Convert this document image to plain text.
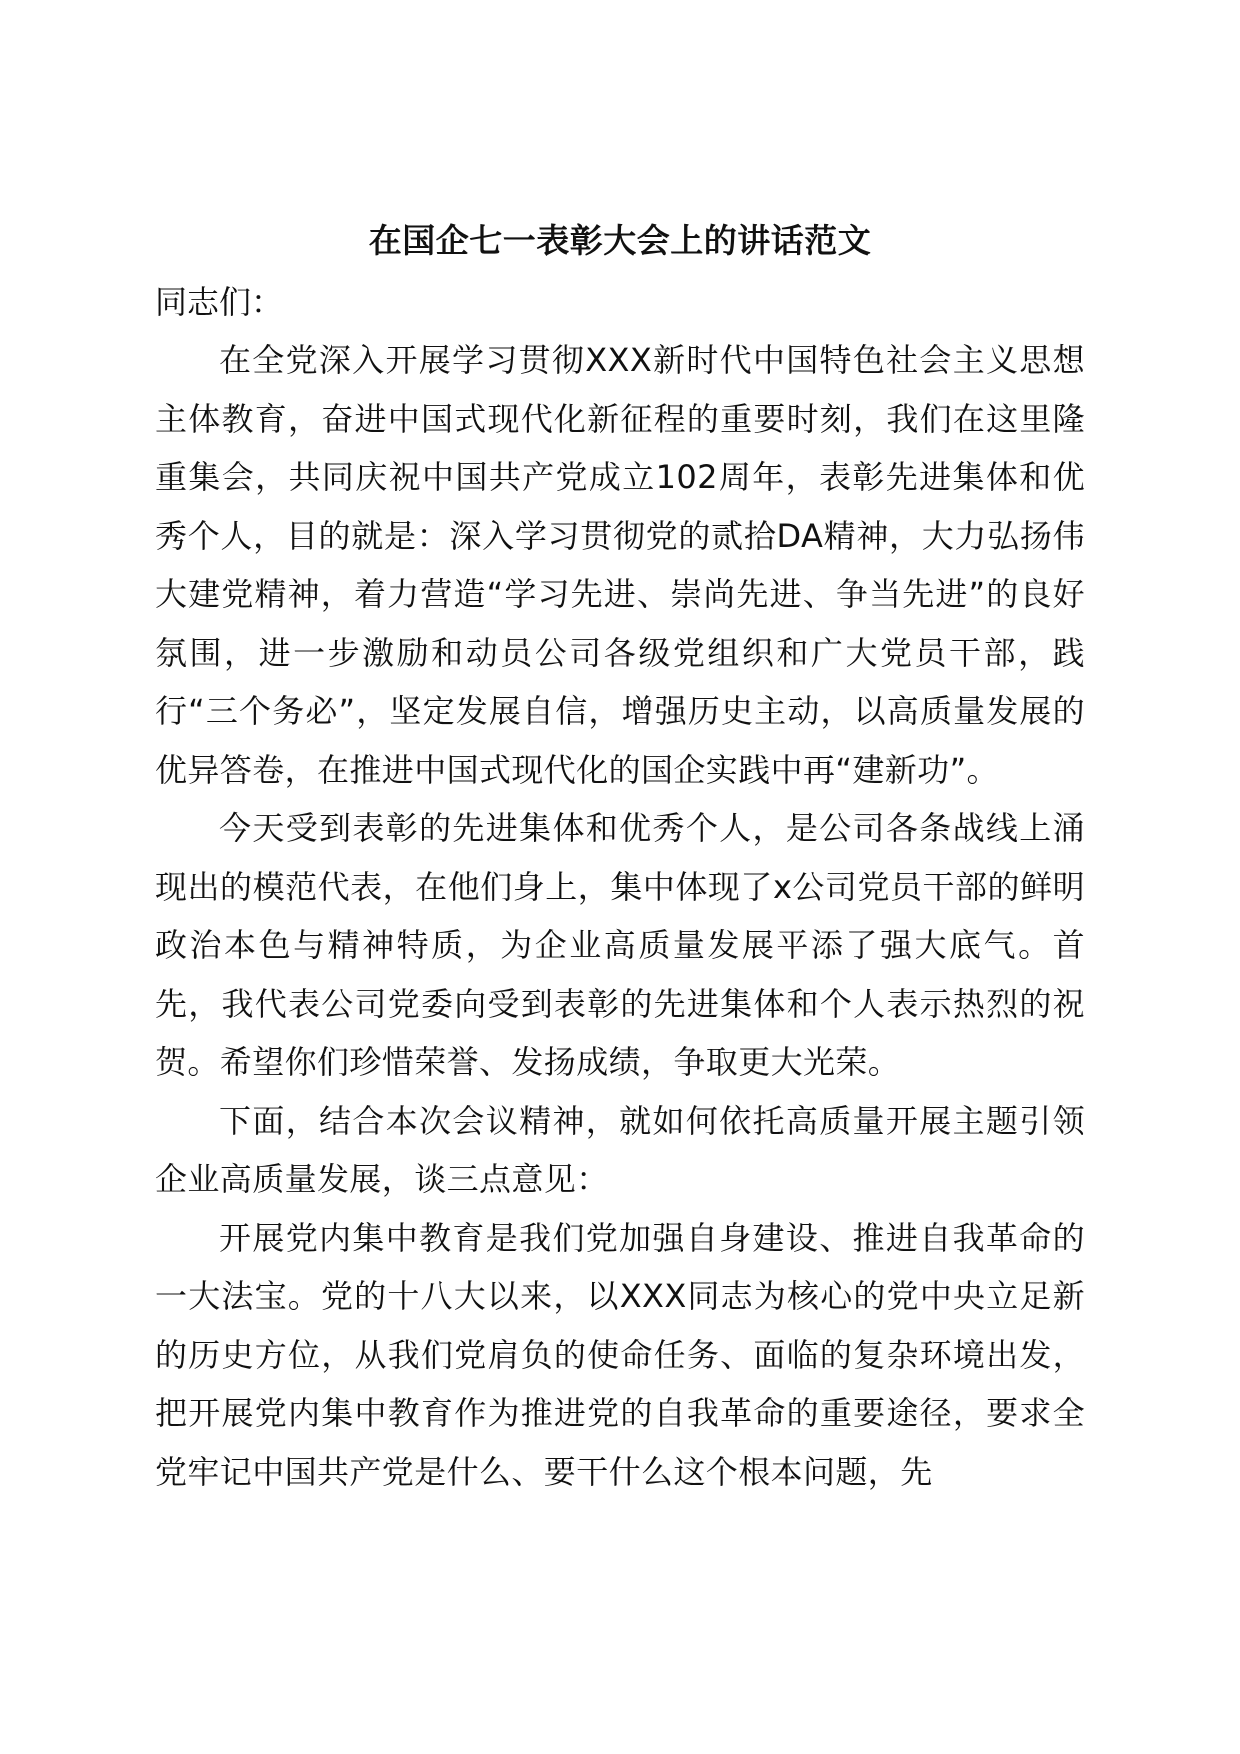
在国企七一表彰大会上的讲话范文

同志们：

在全党深入开展学习贯彻XXX新时代中国特色社会主义思想主体教育，奋进中国式现代化新征程的重要时刻，我们在这里隆重集会，共同庆祝中国共产党成立102周年，表彰先进集体和优秀个人，目的就是：深入学习贯彻党的贰拾DA精神，大力弘扬伟大建党精神，着力营造“学习先进、崇尚先进、争当先进”的良好氛围，进一步激励和动员公司各级党组织和广大党员干部，践行“三个务必”，坚定发展自信，增强历史主动，以高质量发展的优异答卷，在推进中国式现代化的国企实践中再“建新功”。

今天受到表彰的先进集体和优秀个人，是公司各条战线上涌现出的模范代表，在他们身上，集中体现了x公司党员干部的鲜明政治本色与精神特质，为企业高质量发展平添了强大底气。首先，我代表公司党委向受到表彰的先进集体和个人表示热烈的祝贺。希望你们珍惜荣誉、发扬成绩，争取更大光荣。

下面，结合本次会议精神，就如何依托高质量开展主题引领企业高质量发展，谈三点意见：

开展党内集中教育是我们党加强自身建设、推进自我革命的一大法宝。党的十八大以来，以XXX同志为核心的党中央立足新的历史方位，从我们党肩负的使命任务、面临的复杂环境出发，把开展党内集中教育作为推进党的自我革命的重要途径，要求全党牢记中国共产党是什么、要干什么这个根本问题，先
